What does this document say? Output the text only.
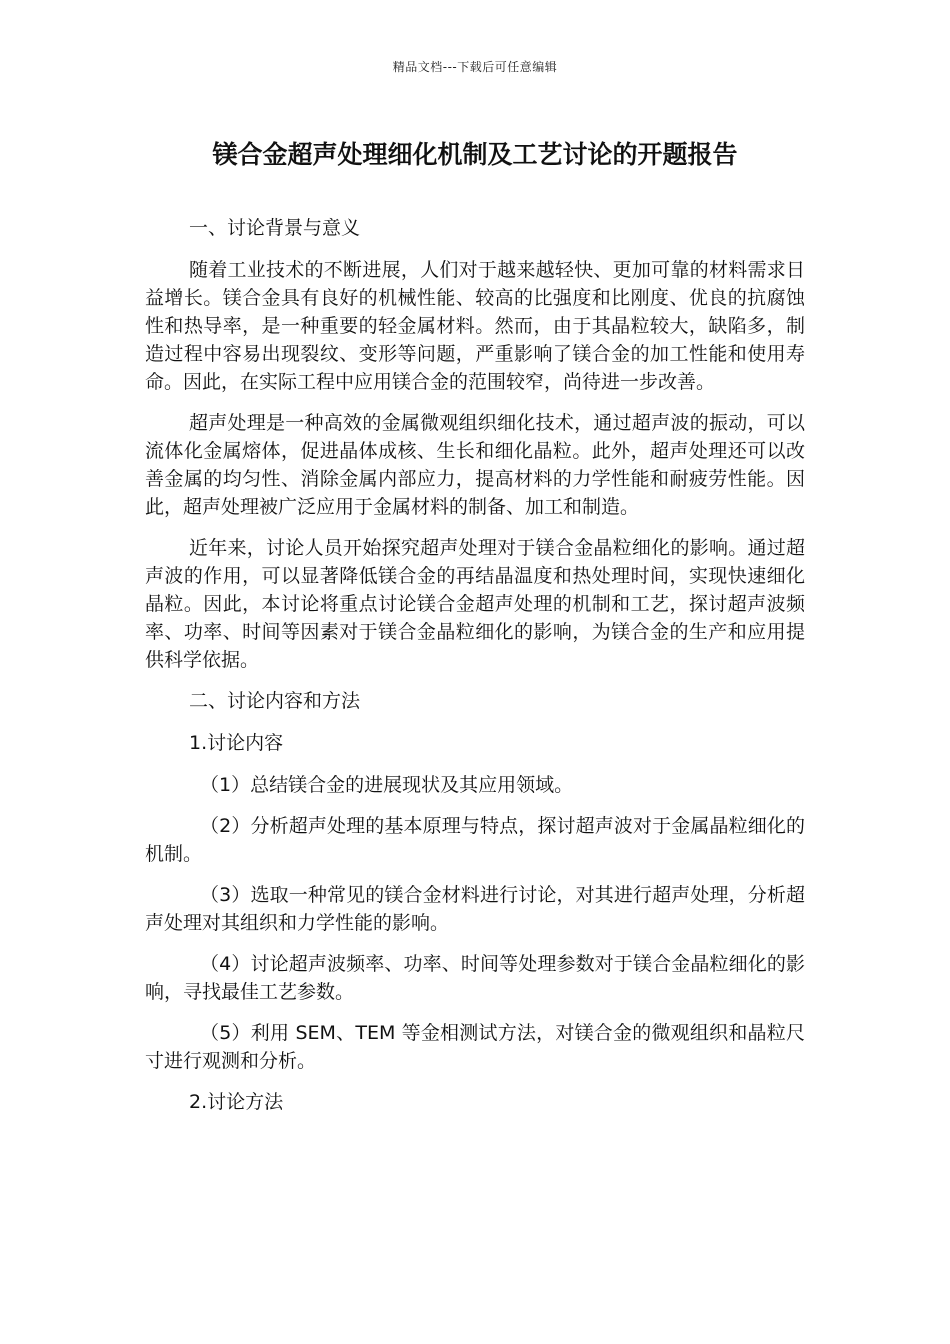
精品文档---下载后可任意编辑
镁合金超声处理细化机制及工艺讨论的开题报告

一、讨论背景与意义

随着工业技术的不断进展，人们对于越来越轻快、更加可靠的材料需求日益增长。镁合金具有良好的机械性能、较高的比强度和比刚度、优良的抗腐蚀性和热导率，是一种重要的轻金属材料。然而，由于其晶粒较大，缺陷多，制造过程中容易出现裂纹、变形等问题，严重影响了镁合金的加工性能和使用寿命。因此，在实际工程中应用镁合金的范围较窄，尚待进一步改善。

超声处理是一种高效的金属微观组织细化技术，通过超声波的振动，可以流体化金属熔体，促进晶体成核、生长和细化晶粒。此外，超声处理还可以改善金属的均匀性、消除金属内部应力，提高材料的力学性能和耐疲劳性能。因此，超声处理被广泛应用于金属材料的制备、加工和制造。

近年来，讨论人员开始探究超声处理对于镁合金晶粒细化的影响。通过超声波的作用，可以显著降低镁合金的再结晶温度和热处理时间，实现快速细化晶粒。因此，本讨论将重点讨论镁合金超声处理的机制和工艺，探讨超声波频率、功率、时间等因素对于镁合金晶粒细化的影响，为镁合金的生产和应用提供科学依据。

二、讨论内容和方法

1.讨论内容

（1）总结镁合金的进展现状及其应用领域。

（2）分析超声处理的基本原理与特点，探讨超声波对于金属晶粒细化的机制。

（3）选取一种常见的镁合金材料进行讨论，对其进行超声处理，分析超声处理对其组织和力学性能的影响。

（4）讨论超声波频率、功率、时间等处理参数对于镁合金晶粒细化的影响，寻找最佳工艺参数。

（5）利用 SEM、TEM 等金相测试方法，对镁合金的微观组织和晶粒尺寸进行观测和分析。

2.讨论方法
